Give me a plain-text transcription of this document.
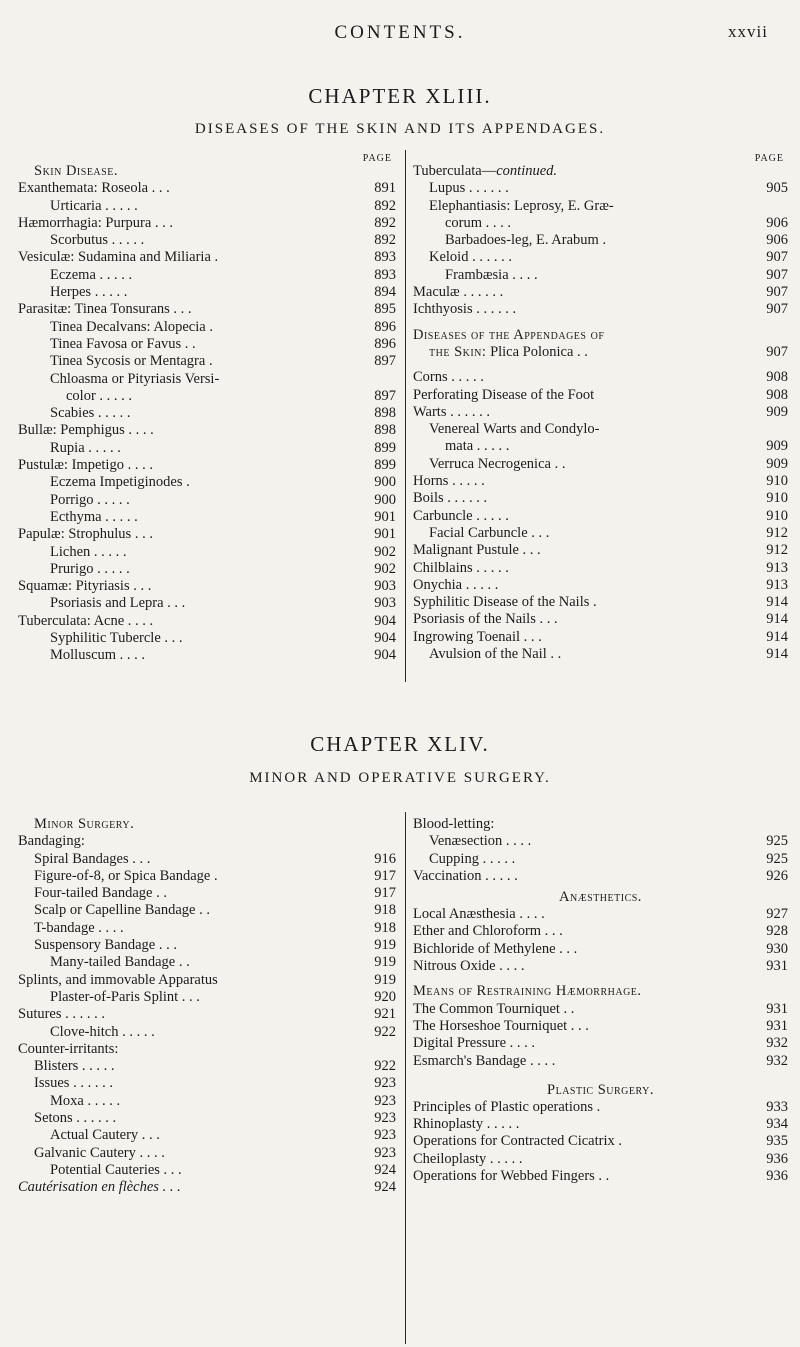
CONTENTS.	xxvii
CHAPTER XLIII.
DISEASES OF THE SKIN AND ITS APPENDAGES.
PAGE
Skin Disease.
Exanthemata: Roseola . . .	891
Urticaria . . . . .	892
Hæmorrhagia: Purpura . . .	892
Scorbutus . . . . .	892
Vesiculæ: Sudamina and Miliaria .	893
Eczema . . . . .	893
Herpes . . . . .	894
Parasitæ: Tinea Tonsurans . . .	895
Tinea Decalvans: Alopecia .	896
Tinea Favosa or Favus . .	896
Tinea Sycosis or Mentagra .	897
Chloasma or Pityriasis Versi-
color . . . . .	897
Scabies . . . . .	898
Bullæ: Pemphigus . . . .	898
Rupia . . . . .	899
Pustulæ: Impetigo . . . .	899
Eczema Impetiginodes .	900
Porrigo . . . . .	900
Ecthyma . . . . .	901
Papulæ: Strophulus . . .	901
Lichen . . . . .	902
Prurigo . . . . .	902
Squamæ: Pityriasis . . .	903
Psoriasis and Lepra . . .	903
Tuberculata: Acne . . . .	904
Syphilitic Tubercle . . .	904
Molluscum . . . .	904
PAGE
Tuberculata—continued.
Lupus . . . . . .	905
Elephantiasis: Leprosy, E. Græ-
corum . . . .	906
Barbadoes-leg, E. Arabum .	906
Keloid . . . . . .	907
Frambæsia . . . .	907
Maculæ . . . . . .	907
Ichthyosis . . . . . .	907
Diseases of the Appendages of
the Skin: Plica Polonica . .	907
Corns . . . . .	908
Perforating Disease of the Foot	908
Warts . . . . . .	909
Venereal Warts and Condylo-
mata . . . . .	909
Verruca Necrogenica . .	909
Horns . . . . .	910
Boils . . . . . .	910
Carbuncle . . . . .	910
Facial Carbuncle . . .	912
Malignant Pustule . . .	912
Chilblains . . . . .	913
Onychia . . . . .	913
Syphilitic Disease of the Nails .	914
Psoriasis of the Nails . . .	914
Ingrowing Toenail . . .	914
Avulsion of the Nail . .	914
CHAPTER XLIV.
MINOR AND OPERATIVE SURGERY.
Minor Surgery.
Bandaging:
Spiral Bandages . . .	916
Figure-of-8, or Spica Bandage .	917
Four-tailed Bandage . .	917
Scalp or Capelline Bandage . .	918
T-bandage . . . .	918
Suspensory Bandage . . .	919
Many-tailed Bandage . .	919
Splints, and immovable Apparatus	919
Plaster-of-Paris Splint . . .	920
Sutures . . . . . .	921
Clove-hitch . . . . .	922
Counter-irritants:
Blisters . . . . .	922
Issues . . . . . .	923
Moxa . . . . .	923
Setons . . . . . .	923
Actual Cautery . . .	923
Galvanic Cautery . . . .	923
Potential Cauteries . . .	924
Cautérisation en flèches . . .	924
Blood-letting:
Venæsection . . . .	925
Cupping . . . . .	925
Vaccination . . . . .	926
Anæsthetics.
Local Anæsthesia . . . .	927
Ether and Chloroform . . .	928
Bichloride of Methylene . . .	930
Nitrous Oxide . . . .	931
Means of Restraining Hæmorrhage.
The Common Tourniquet . .	931
The Horseshoe Tourniquet . . .	931
Digital Pressure . . . .	932
Esmarch's Bandage . . . .	932
Plastic Surgery.
Principles of Plastic operations .	933
Rhinoplasty . . . . .	934
Operations for Contracted Cicatrix .	935
Cheiloplasty . . . . .	936
Operations for Webbed Fingers . .	936
